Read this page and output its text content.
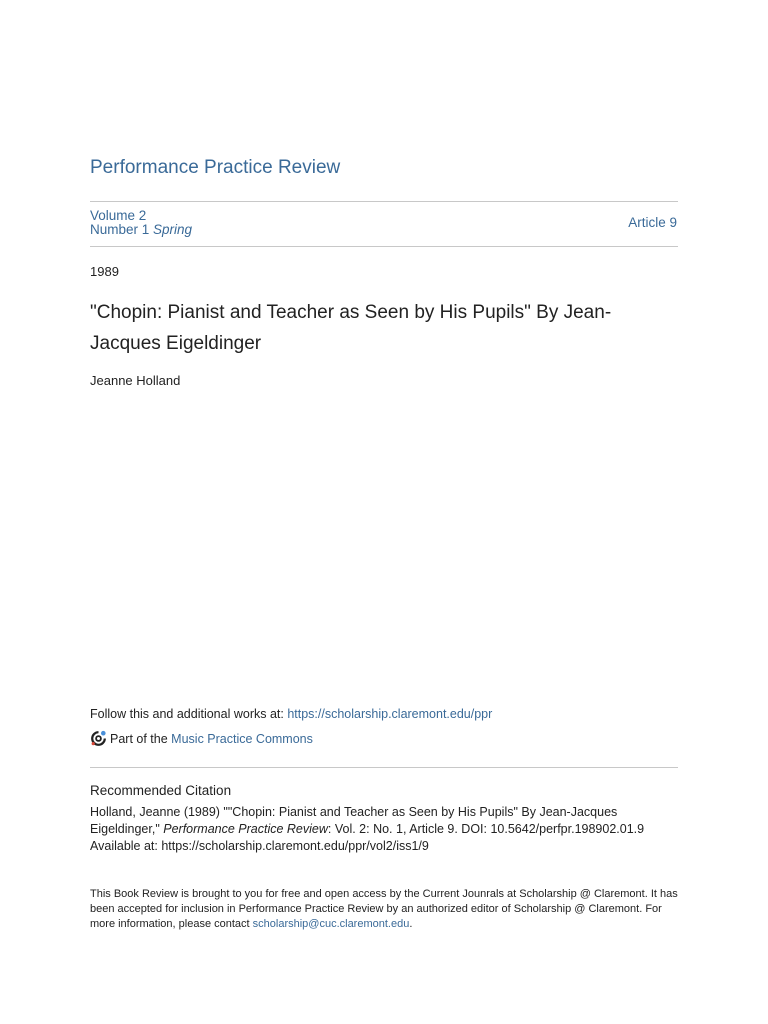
Performance Practice Review
Volume 2
Number 1 Spring	Article 9
1989
"Chopin: Pianist and Teacher as Seen by His Pupils" By Jean-Jacques Eigeldinger
Jeanne Holland
Follow this and additional works at: https://scholarship.claremont.edu/ppr
Part of the
Music Practice Commons
Recommended Citation
Holland, Jeanne (1989) ""Chopin: Pianist and Teacher as Seen by His Pupils" By Jean-Jacques Eigeldinger," Performance Practice Review: Vol. 2: No. 1, Article 9. DOI: 10.5642/perfpr.198902.01.9
Available at: https://scholarship.claremont.edu/ppr/vol2/iss1/9
This Book Review is brought to you for free and open access by the Current Jounrals at Scholarship @ Claremont. It has been accepted for inclusion in Performance Practice Review by an authorized editor of Scholarship @ Claremont. For more information, please contact scholarship@cuc.claremont.edu.
